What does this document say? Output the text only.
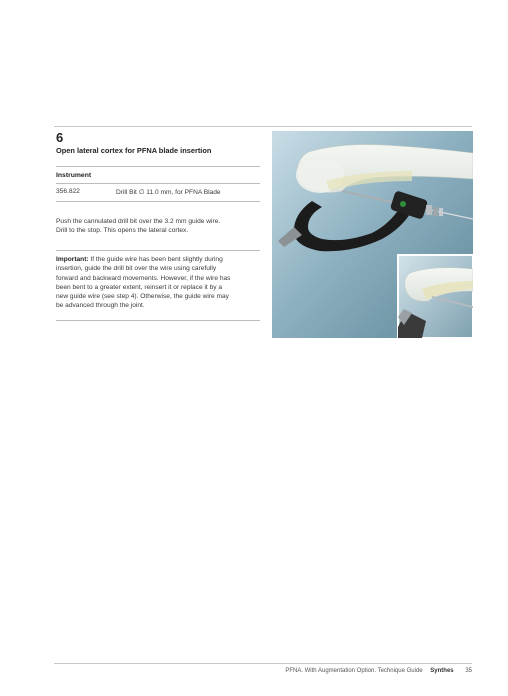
6
Open lateral cortex for PFNA blade insertion
Instrument
356.822	Drill Bit ∅ 11.0 mm, for PFNA Blade
Push the cannulated drill bit over the 3.2 mm guide wire.
Drill to the stop. This opens the lateral cortex.
Important: If the guide wire has been bent slightly during
insertion, guide the drill bit over the wire using carefully
forward and backward movements. However, if the wire has
been bent to a greater extent, reinsert it or replace it by a
new guide wire (see step 4). Otherwise, the guide wire may
be advanced through the joint.
PFNA. With Augmentation Option. Technique Guide Synthes 35
